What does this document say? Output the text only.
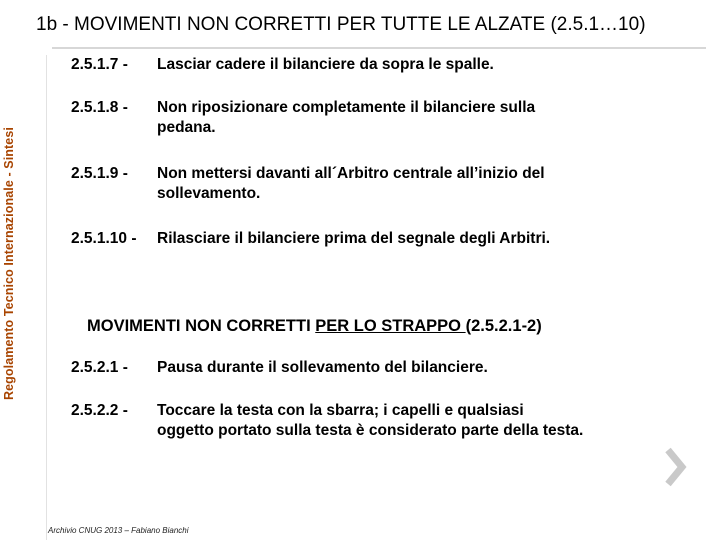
1b - MOVIMENTI NON CORRETTI PER TUTTE LE ALZATE (2.5.1…10)
Regolamento Tecnico Internazionale - Sintesi
2.5.1.7 - Lasciar cadere il bilanciere da sopra le spalle.
2.5.1.8 - Non riposizionare completamente il bilanciere sulla
pedana.
2.5.1.9 - Non mettersi davanti all´Arbitro centrale all’inizio del
sollevamento.
2.5.1.10 - Rilasciare il bilanciere prima del segnale degli Arbitri.
MOVIMENTI NON CORRETTI PER LO STRAPPO (2.5.2.1-2)
2.5.2.1 - Pausa durante il sollevamento del bilanciere.
2.5.2.2 - Toccare la testa con la sbarra; i capelli e qualsiasi
oggetto portato sulla testa è considerato parte della testa.
Archivio CNUG 2013 – Fabiano Bianchi
